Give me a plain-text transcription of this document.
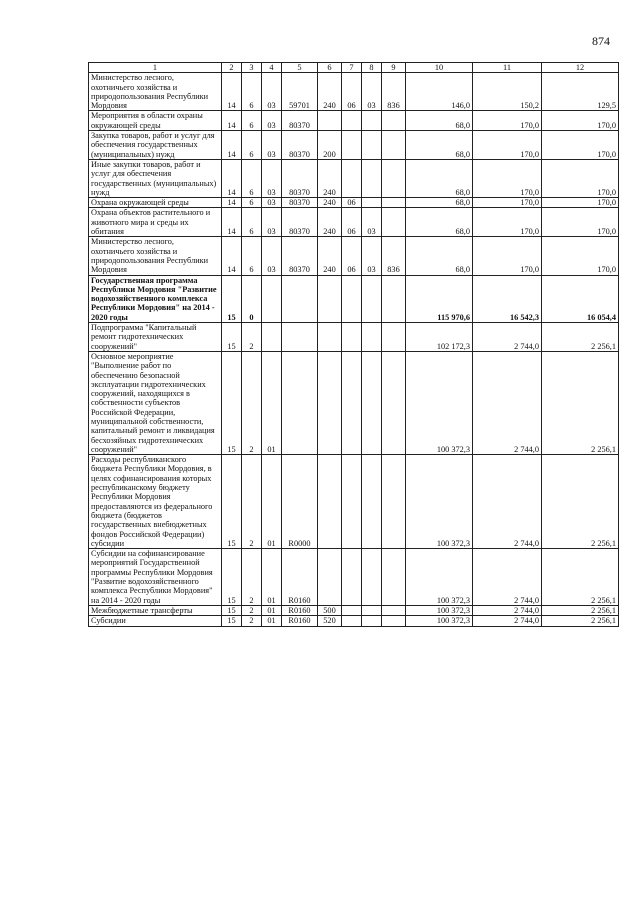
874
1	2	3	4	5	6	7	8	9	10	11	12
Министерство лесного, охотничьего хозяйства и природопользования Республики Мордовия	14	6	03	59701	240	06	03	836	146,0	150,2	129,5
Мероприятия в области охраны окружающей среды	14	6	03	80370					68,0	170,0	170,0
Закупка товаров, работ и услуг для обеспечения государственных (муниципальных) нужд	14	6	03	80370	200				68,0	170,0	170,0
Иные закупки товаров, работ и услуг для обеспечения государственных (муниципальных) нужд	14	6	03	80370	240				68,0	170,0	170,0
Охрана окружающей среды	14	6	03	80370	240	06			68,0	170,0	170,0
Охрана объектов растительного и животного мира и среды их обитания	14	6	03	80370	240	06	03		68,0	170,0	170,0
Министерство лесного, охотничьего хозяйства и природопользования Республики Мордовия	14	6	03	80370	240	06	03	836	68,0	170,0	170,0
Государственная программа Республики Мордовия "Развитие водохозяйственного комплекса Республики Мордовия" на 2014 - 2020 годы	15	0							115 970,6	16 542,3	16 054,4
Подпрограмма "Капитальный ремонт гидротехнических сооружений"	15	2							102 172,3	2 744,0	2 256,1
Основное мероприятие "Выполнение работ по обеспечению безопасной эксплуатации гидротехнических сооружений, находящихся в собственности субъектов Российской Федерации, муниципальной собственности, капитальный ремонт и ликвидация бесхозяйных гидротехнических сооружений"	15	2	01						100 372,3	2 744,0	2 256,1
Расходы республиканского бюджета Республики Мордовия, в целях софинансирования которых республиканскому бюджету Республики Мордовия предоставляются из федерального бюджета (бюджетов государственных внебюджетных фондов Российской Федерации) субсидии	15	2	01	R0000					100 372,3	2 744,0	2 256,1
Субсидии на софинансирование мероприятий Государственной программы Республики Мордовия "Развитие водохозяйственного комплекса Республики Мордовия" на 2014 - 2020 годы	15	2	01	R0160					100 372,3	2 744,0	2 256,1
Межбюджетные трансферты	15	2	01	R0160	500				100 372,3	2 744,0	2 256,1
Субсидии	15	2	01	R0160	520				100 372,3	2 744,0	2 256,1
